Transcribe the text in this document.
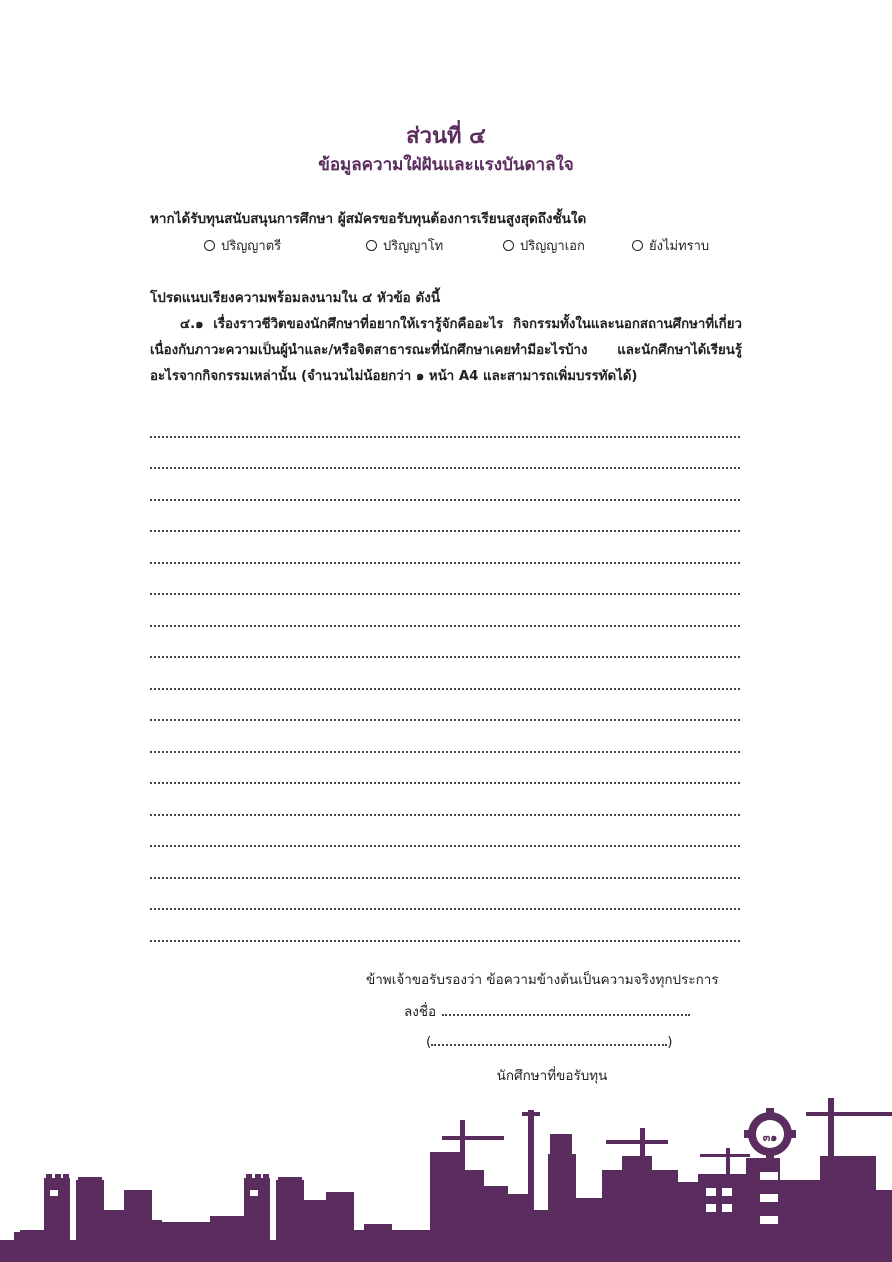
ส่วนที่ ๔
ข้อมูลความใฝ่ฝันและแรงบันดาลใจ
หากได้รับทุนสนับสนุนการศึกษา ผู้สมัครขอรับทุนต้องการเรียนสูงสุดถึงชั้นใด
ปริญญาตรี	ปริญญาโท	ปริญญาเอก	ยังไม่ทราบ
โปรดแนบเรียงความพร้อมลงนามใน ๔ หัวข้อ ดังนี้
๔.๑ เรื่องราวชีวิตของนักศึกษาที่อยากให้เรารู้จักคืออะไร กิจกรรมทั้งในและนอกสถานศึกษาที่เกี่ยวเนื่องกับภาวะความเป็นผู้นำและ/หรือจิตสาธารณะที่นักศึกษาเคยทำมีอะไรบ้าง และนักศึกษาได้เรียนรู้อะไรจากกิจกรรมเหล่านั้น (จำนวนไม่น้อยกว่า ๑ หน้า A4 และสามารถเพิ่มบรรทัดได้)
ข้าพเจ้าขอรับรองว่า ข้อความข้างต้นเป็นความจริงทุกประการ
ลงชื่อ
(	)
นักศึกษาที่ขอรับทุน
๓๑
